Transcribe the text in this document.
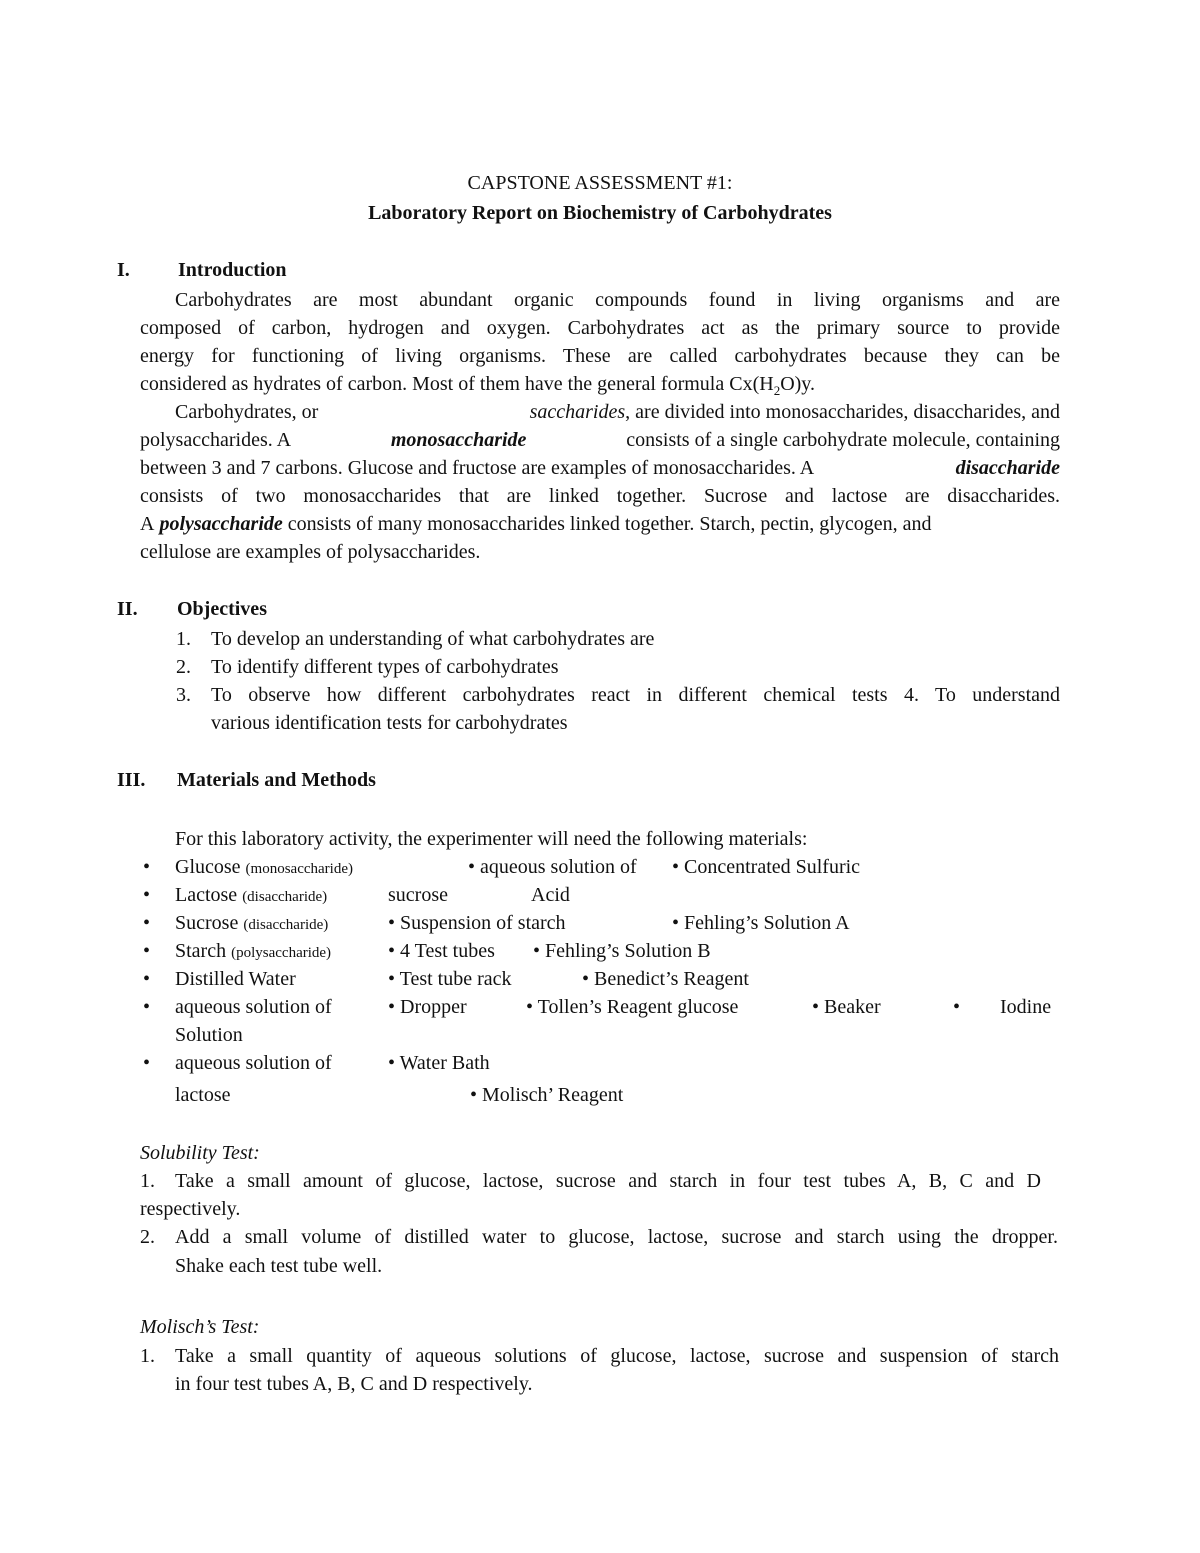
CAPSTONE ASSESSMENT #1:
Laboratory Report on Biochemistry of Carbohydrates
I. Introduction
Carbohydrates are most abundant organic compounds found in living organisms and are
composed of carbon, hydrogen and oxygen. Carbohydrates act as the primary source to provide
energy for functioning of living organisms. These are called carbohydrates because they can be
considered as hydrates of carbon. Most of them have the general formula $Cx(H_2O)y$.
Carbohydrates, or	saccharides, are divided into monosaccharides, disaccharides, and
polysaccharides. A	monosaccharide	consists of a single carbohydrate molecule, containing
between 3 and 7 carbons. Glucose and fructose are examples of monosaccharides. A	disaccharide
consists of two monosaccharides that are linked together. Sucrose and lactose are disaccharides.
A polysaccharide consists of many monosaccharides linked together. Starch, pectin, glycogen, and
cellulose are examples of polysaccharides.
II. Objectives
1. To develop an understanding of what carbohydrates are
2. To identify different types of carbohydrates
3. To observe how different carbohydrates react in different chemical tests 4. To understand
various identification tests for carbohydrates
III. Materials and Methods
For this laboratory activity, the experimenter will need the following materials:
•
•
•
•
•
•
•
Glucose (monosaccharide)	• aqueous solution of • Concentrated Sulfuric
Lactose (disaccharide)	sucrose	Acid
Sucrose (disaccharide)	• Suspension of starch	• Fehling’s Solution A
Starch (polysaccharide)	• 4 Test tubes • Fehling’s Solution B
Distilled Water	• Test tube rack	• Benedict’s Reagent
aqueous solution of	• Dropper	• Tollen’s Reagent glucose	• Beaker	• Iodine
Solution
aqueous solution of	• Water Bath
lactose	• Molisch’ Reagent
Solubility Test:
1. Take a small amount of glucose, lactose, sucrose and starch in four test tubes A, B, C and D
respectively.
2. Add a small volume of distilled water to glucose, lactose, sucrose and starch using the dropper.
Shake each test tube well.
Molisch’s Test:
1. Take a small quantity of aqueous solutions of glucose, lactose, sucrose and suspension of starch
in four test tubes A, B, C and D respectively.
